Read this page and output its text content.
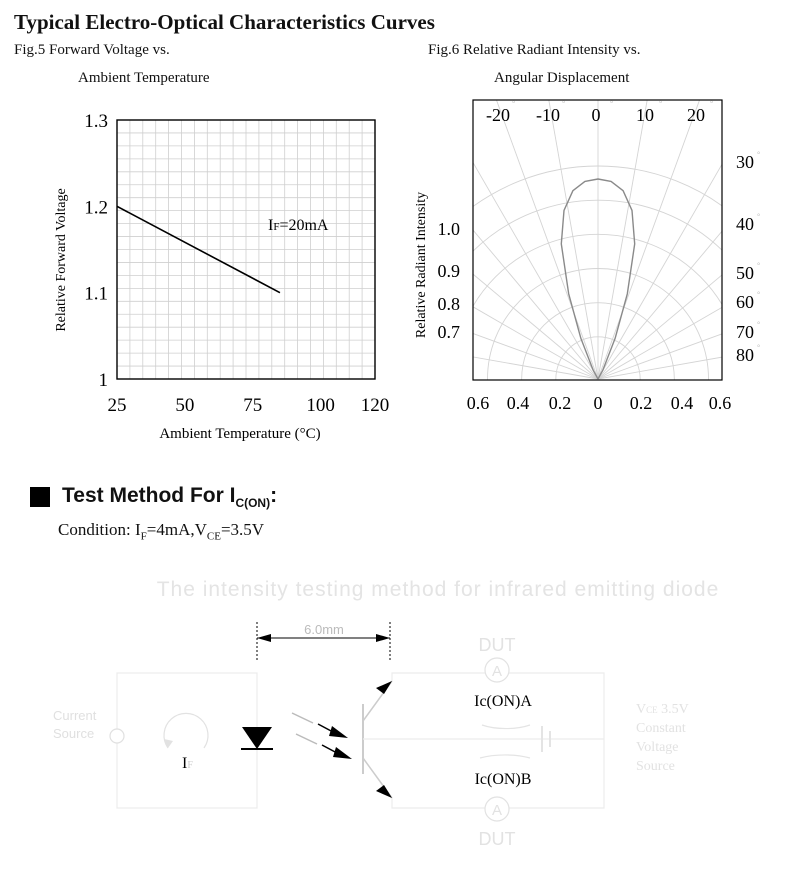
Typical Electro-Optical Characteristics Curves
Fig.5 Forward Voltage vs.
Ambient Temperature
Fig.6 Relative Radiant Intensity vs.
Angular Displacement
1
1.1
1.2
1.3
25	50	75 100 120
IF=20mA
Relative Forward Voltage
Ambient Temperature (°C)
0.6 0.4 0.2 0 0.2 0.4 0.6
-20
°
-10
°
0
°
10
°
20
°
30 °
40 °
50 °
60 °
70 °
80 °
1.0
0.9
0.8
0.7
Relative Radiant Intensity
Test Method For $I_{C(ON)}$:
Condition: $I_F=4mA,V_{CE}=3.5V$
The intensity testing method for infrared emitting diode
6.0mm
Current
Source
IF
A
DUT
A
DUT
Ic(ON)A
Ic(ON)B
VCE 3.5V
Constant
Voltage
Source
